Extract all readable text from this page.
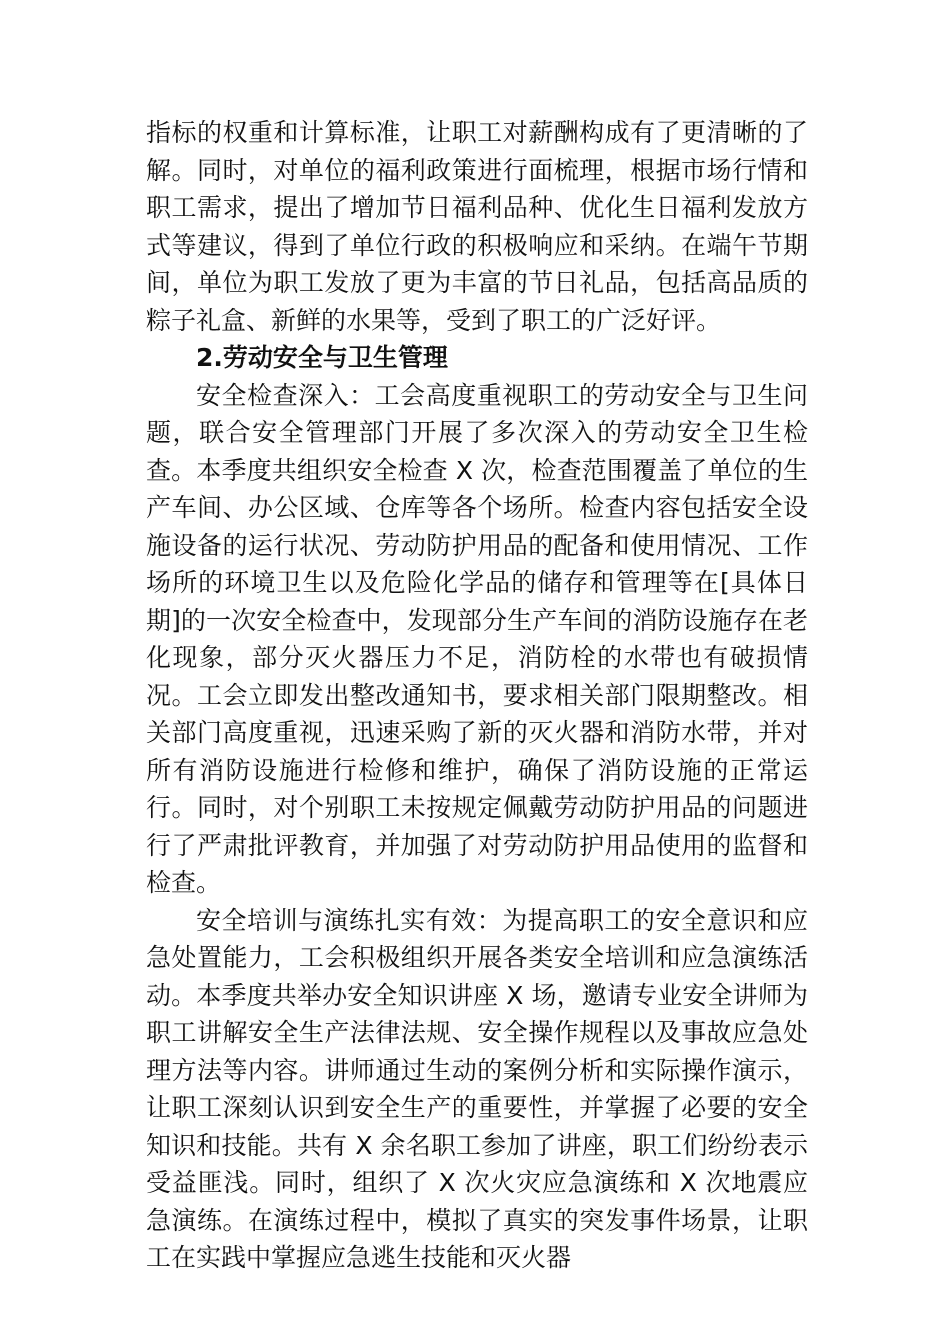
指标的权重和计算标准，让职工对薪酬构成有了更清晰的了解。同时，对单位的福利政策进行面梳理，根据市场行情和职工需求，提出了增加节日福利品种、优化生日福利发放方式等建议，得到了单位行政的积极响应和采纳。在端午节期间，单位为职工发放了更为丰富的节日礼品，包括高品质的粽子礼盒、新鲜的水果等，受到了职工的广泛好评。

2.劳动安全与卫生管理

安全检查深入：工会高度重视职工的劳动安全与卫生问题，联合安全管理部门开展了多次深入的劳动安全卫生检查。本季度共组织安全检查 X 次，检查范围覆盖了单位的生产车间、办公区域、仓库等各个场所。检查内容包括安全设施设备的运行状况、劳动防护用品的配备和使用情况、工作场所的环境卫生以及危险化学品的储存和管理等在[具体日期]的一次安全检查中，发现部分生产车间的消防设施存在老化现象，部分灭火器压力不足，消防栓的水带也有破损情况。工会立即发出整改通知书，要求相关部门限期整改。相关部门高度重视，迅速采购了新的灭火器和消防水带，并对所有消防设施进行检修和维护，确保了消防设施的正常运行。同时，对个别职工未按规定佩戴劳动防护用品的问题进行了严肃批评教育，并加强了对劳动防护用品使用的监督和检查。

安全培训与演练扎实有效：为提高职工的安全意识和应急处置能力，工会积极组织开展各类安全培训和应急演练活动。本季度共举办安全知识讲座 X 场，邀请专业安全讲师为职工讲解安全生产法律法规、安全操作规程以及事故应急处理方法等内容。讲师通过生动的案例分析和实际操作演示，让职工深刻认识到安全生产的重要性，并掌握了必要的安全知识和技能。共有 X 余名职工参加了讲座，职工们纷纷表示受益匪浅。同时，组织了 X 次火灾应急演练和 X 次地震应急演练。在演练过程中，模拟了真实的突发事件场景，让职工在实践中掌握应急逃生技能和灭火器
